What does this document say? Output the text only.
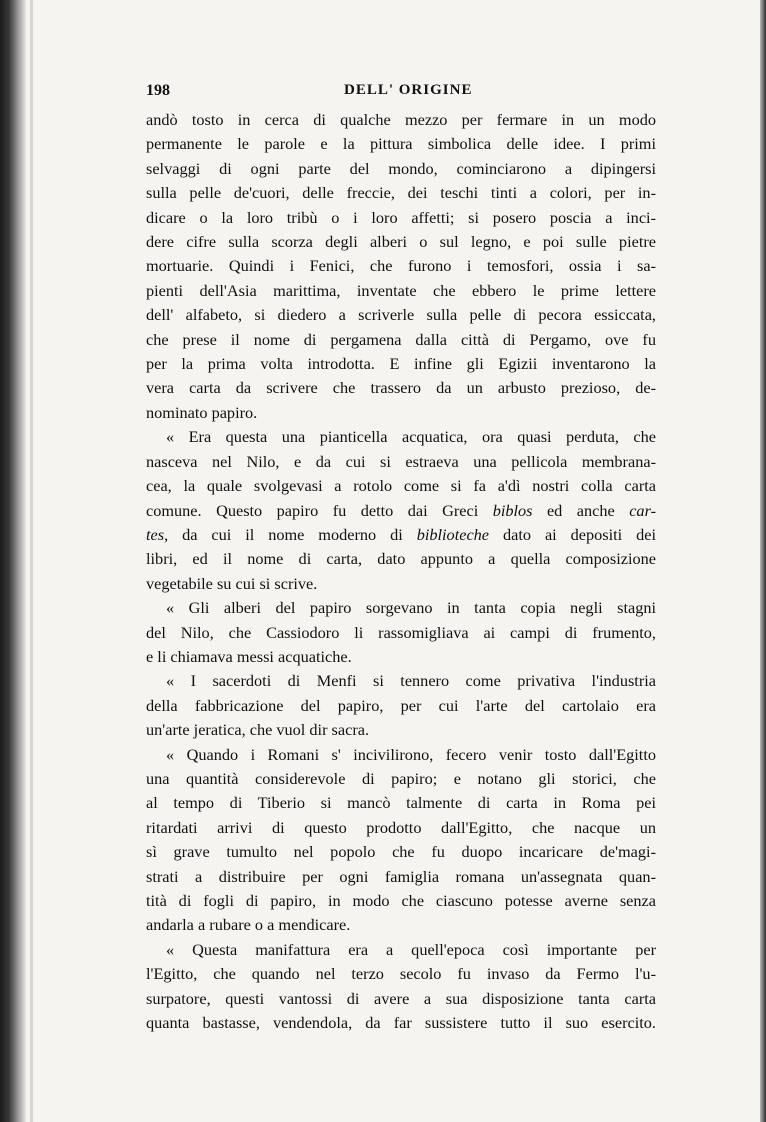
198	DELL' ORIGINE
andò tosto in cerca di qualche mezzo per fermare in un modo
permanente le parole e la pittura simbolica delle idee. I primi
selvaggi di ogni parte del mondo, cominciarono a dipingersi
sulla pelle de'cuori, delle freccie, dei teschi tinti a colori, per in-
dicare o la loro tribù o i loro affetti; si posero poscia a inci-
dere cifre sulla scorza degli alberi o sul legno, e poi sulle pietre
mortuarie. Quindi i Fenici, che furono i temosfori, ossia i sa-
pienti dell'Asia marittima, inventate che ebbero le prime lettere
dell' alfabeto, si diedero a scriverle sulla pelle di pecora essiccata,
che prese il nome di pergamena dalla città di Pergamo, ove fu
per la prima volta introdotta. E infine gli Egizii inventarono la
vera carta da scrivere che trassero da un arbusto prezioso, de-
nominato papiro.
« Era questa una pianticella acquatica, ora quasi perduta, che
nasceva nel Nilo, e da cui si estraeva una pellicola membrana-
cea, la quale svolgevasi a rotolo come si fa a'dì nostri colla carta
comune. Questo papiro fu detto dai Greci biblos ed anche car-
tes, da cui il nome moderno di biblioteche dato ai depositi dei
libri, ed il nome di carta, dato appunto a quella composizione
vegetabile su cui si scrive.
« Gli alberi del papiro sorgevano in tanta copia negli stagni
del Nilo, che Cassiodoro li rassomigliava ai campi di frumento,
e li chiamava messi acquatiche.
« I sacerdoti di Menfi si tennero come privativa l'industria
della fabbricazione del papiro, per cui l'arte del cartolaio era
un'arte jeratica, che vuol dir sacra.
« Quando i Romani s' incivilirono, fecero venir tosto dall'Egitto
una quantità considerevole di papiro; e notano gli storici, che
al tempo di Tiberio si mancò talmente di carta in Roma pei
ritardati arrivi di questo prodotto dall'Egitto, che nacque un
sì grave tumulto nel popolo che fu duopo incaricare de'magi-
strati a distribuire per ogni famiglia romana un'assegnata quan-
tità di fogli di papiro, in modo che ciascuno potesse averne senza
andarla a rubare o a mendicare.
« Questa manifattura era a quell'epoca così importante per
l'Egitto, che quando nel terzo secolo fu invaso da Fermo l'u-
surpatore, questi vantossi di avere a sua disposizione tanta carta
quanta bastasse, vendendola, da far sussistere tutto il suo esercito.
